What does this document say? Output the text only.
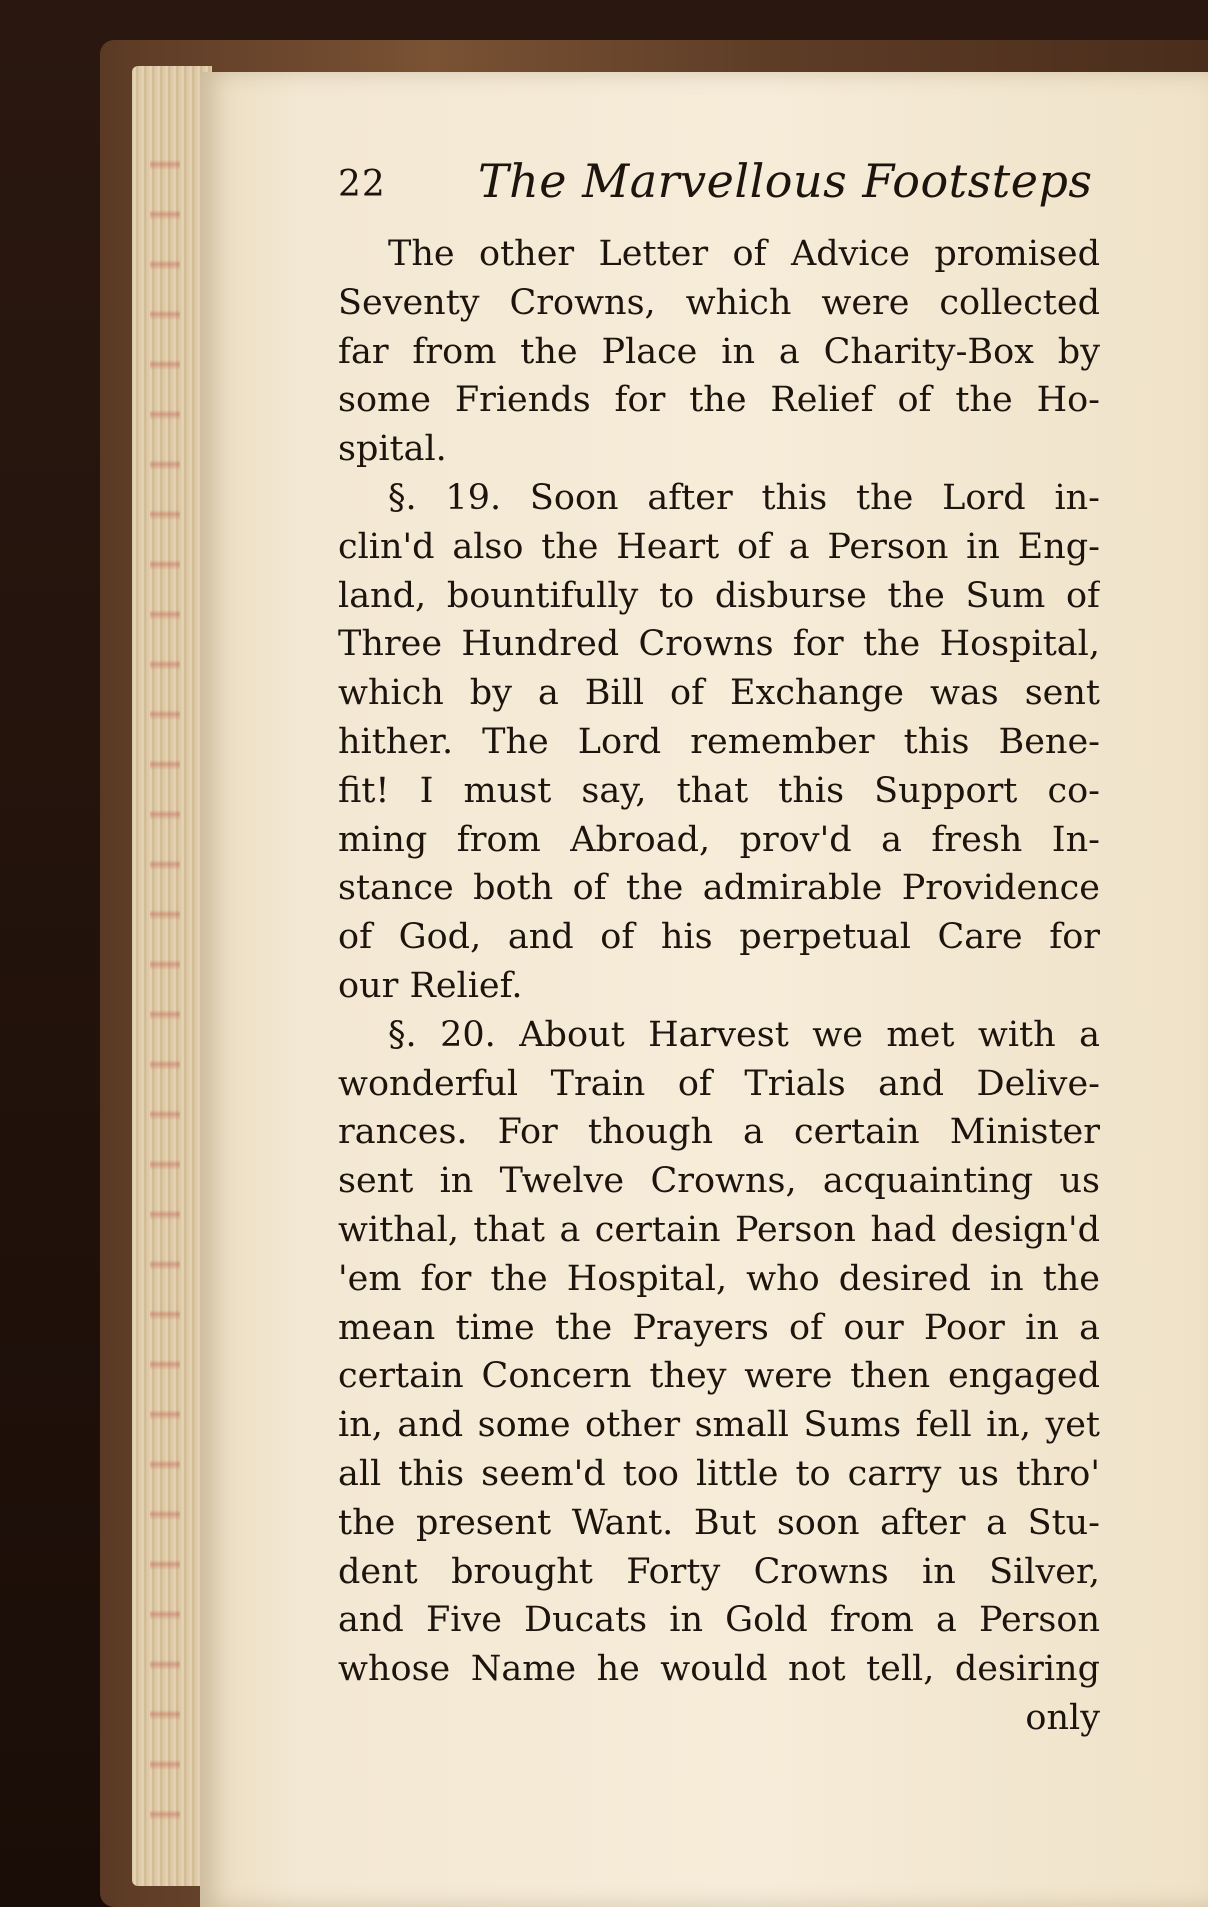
22 The Marvellous Footsteps
The other Letter of Advice promised
Seventy Crowns, which were collected
far from the Place in a Charity-Box by
some Friends for the Relief of the Ho-
spital.
§. 19. Soon after this the Lord in-
clin'd also the Heart of a Person in Eng-
land, bountifully to disburse the Sum of
Three Hundred Crowns for the Hospital,
which by a Bill of Exchange was sent
hither. The Lord remember this Bene-
fit! I must say, that this Support co-
ming from Abroad, prov'd a fresh In-
stance both of the admirable Providence
of God, and of his perpetual Care for
our Relief.
§. 20. About Harvest we met with a
wonderful Train of Trials and Delive-
rances. For though a certain Minister
sent in Twelve Crowns, acquainting us
withal, that a certain Person had design'd
'em for the Hospital, who desired in the
mean time the Prayers of our Poor in a
certain Concern they were then engaged
in, and some other small Sums fell in, yet
all this seem'd too little to carry us thro'
the present Want. But soon after a Stu-
dent brought Forty Crowns in Silver,
and Five Ducats in Gold from a Person
whose Name he would not tell, desiring
only
